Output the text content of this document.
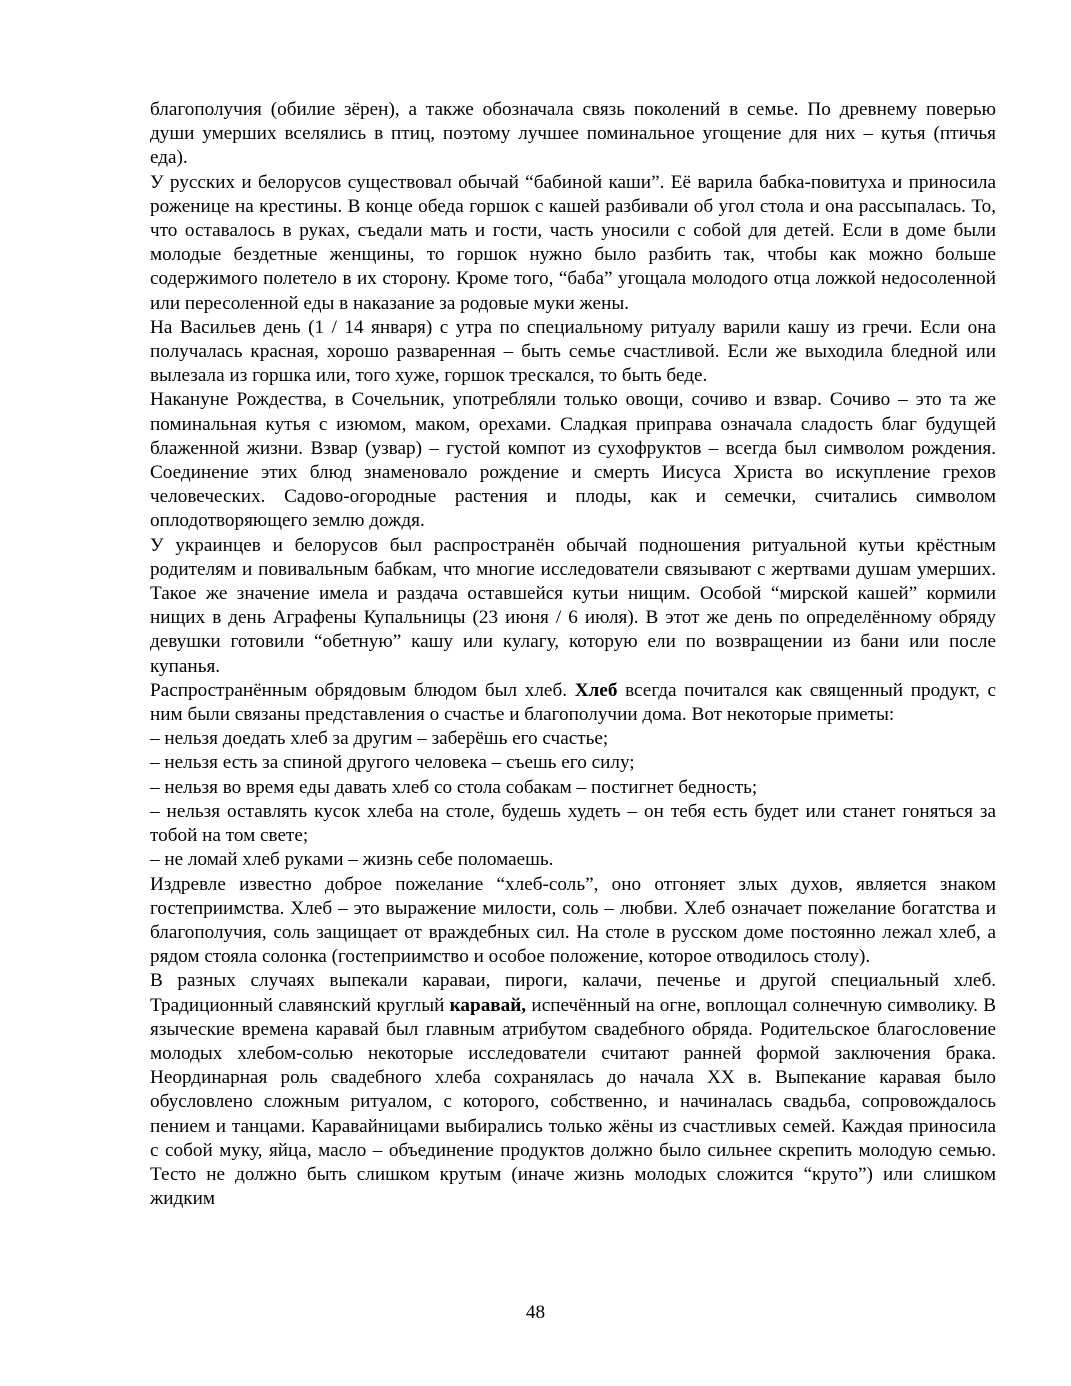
благополучия (обилие зёрен), а также обозначала связь поколений в семье. По древнему поверью души умерших вселялись в птиц, поэтому лучшее поминальное угощение для них – кутья (птичья еда).

У русских и белорусов существовал обычай “бабиной каши”. Её варила бабка-повитуха и приносила роженице на крестины. В конце обеда горшок с кашей разбивали об угол стола и она рассыпалась. То, что оставалось в руках, съедали мать и гости, часть уносили с собой для детей. Если в доме были молодые бездетные женщины, то горшок нужно было разбить так, чтобы как можно больше содержимого полетело в их сторону. Кроме того, “баба” угощала молодого отца ложкой недосоленной или пересоленной еды в наказание за родовые муки жены.

На Васильев день (1 / 14 января) с утра по специальному ритуалу варили кашу из гречи. Если она получалась красная, хорошо разваренная – быть семье счастливой. Если же выходила бледной или вылезала из горшка или, того хуже, горшок трескался, то быть беде.

Накануне Рождества, в Сочельник, употребляли только овощи, сочиво и взвар. Сочиво – это та же поминальная кутья с изюмом, маком, орехами. Сладкая приправа означала сладость благ будущей блаженной жизни. Взвар (узвар) – густой компот из сухофруктов – всегда был символом рождения. Соединение этих блюд знаменовало рождение и смерть Иисуса Христа во искупление грехов человеческих. Садово-огородные растения и плоды, как и семечки, считались символом оплодотворяющего землю дождя.

У украинцев и белорусов был распространён обычай подношения ритуальной кутьи крёстным родителям и повивальным бабкам, что многие исследователи связывают с жертвами душам умерших. Такое же значение имела и раздача оставшейся кутьи нищим. Особой “мирской кашей” кормили нищих в день Аграфены Купальницы (23 июня / 6 июля). В этот же день по определённому обряду девушки готовили “обетную” кашу или кулагу, которую ели по возвращении из бани или после купанья.

Распространённым обрядовым блюдом был хлеб. Хлеб всегда почитался как священный продукт, с ним были связаны представления о счастье и благополучии дома. Вот некоторые приметы:

– нельзя доедать хлеб за другим – заберёшь его счастье;

– нельзя есть за спиной другого человека – съешь его силу;

– нельзя во время еды давать хлеб со стола собакам – постигнет бедность;

– нельзя оставлять кусок хлеба на столе, будешь худеть – он тебя есть будет или станет гоняться за тобой на том свете;

– не ломай хлеб руками – жизнь себе поломаешь.

Издревле известно доброе пожелание “хлеб-соль”, оно отгоняет злых духов, является знаком гостеприимства. Хлеб – это выражение милости, соль – любви. Хлеб означает пожелание богатства и благополучия, соль защищает от враждебных сил. На столе в русском доме постоянно лежал хлеб, а рядом стояла солонка (гостеприимство и особое положение, которое отводилось столу).

В разных случаях выпекали караваи, пироги, калачи, печенье и другой специальный хлеб. Традиционный славянский круглый каравай, испечённый на огне, воплощал солнечную символику. В языческие времена каравай был главным атрибутом свадебного обряда. Родительское благословение молодых хлебом-солью некоторые исследователи считают ранней формой заключения брака. Неординарная роль свадебного хлеба сохранялась до начала XX в. Выпекание каравая было обусловлено сложным ритуалом, с которого, собственно, и начиналась свадьба, сопровождалось пением и танцами. Каравайницами выбирались только жёны из счастливых семей. Каждая приносила с собой муку, яйца, масло – объединение продуктов должно было сильнее скрепить молодую семью. Тесто не должно быть слишком крутым (иначе жизнь молодых сложится “круто”) или слишком жидким

48
